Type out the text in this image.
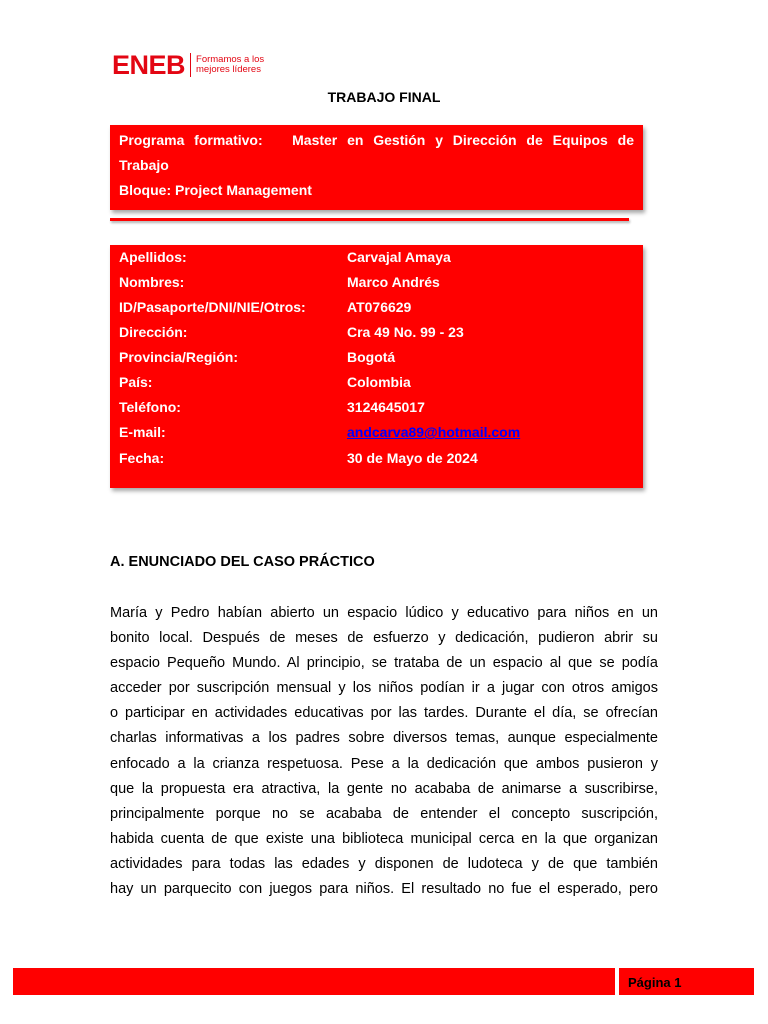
ENEB Formamos a los mejores líderes
TRABAJO FINAL
Programa formativo:   Master en Gestión y Dirección de Equipos de
Trabajo
Bloque: Project Management
Apellidos:	Carvajal Amaya
Nombres:	Marco Andrés
ID/Pasaporte/DNI/NIE/Otros:	AT076629
Dirección:	Cra 49 No. 99 - 23
Provincia/Región:	Bogotá
País:	Colombia
Teléfono:	3124645017
E-mail:	andcarva89@hotmail.com
Fecha:	30 de Mayo de 2024
A. ENUNCIADO DEL CASO PRÁCTICO
María y Pedro habían abierto un espacio lúdico y educativo para niños en un
bonito local. Después de meses de esfuerzo y dedicación, pudieron abrir su
espacio Pequeño Mundo. Al principio, se trataba de un espacio al que se podía
acceder por suscripción mensual y los niños podían ir a jugar con otros amigos
o participar en actividades educativas por las tardes. Durante el día, se ofrecían
charlas informativas a los padres sobre diversos temas, aunque especialmente
enfocado a la crianza respetuosa. Pese a la dedicación que ambos pusieron y
que la propuesta era atractiva, la gente no acababa de animarse a suscribirse,
principalmente porque no se acababa de entender el concepto suscripción,
habida cuenta de que existe una biblioteca municipal cerca en la que organizan
actividades para todas las edades y disponen de ludoteca y de que también
hay un parquecito con juegos para niños. El resultado no fue el esperado, pero
Página 1
